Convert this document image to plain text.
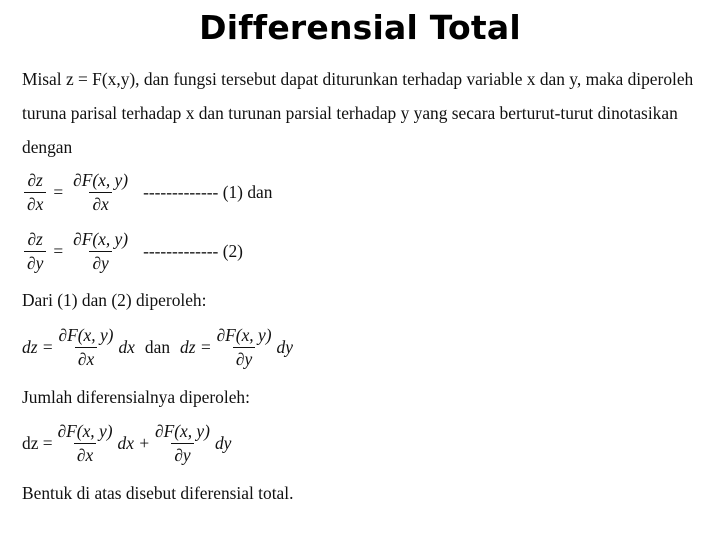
Differensial Total
Misal z = F(x,y), dan fungsi tersebut dapat diturunkan terhadap variable x dan y, maka diperoleh turuna parisal terhadap x dan turunan parsial terhadap y yang secara berturut-turut dinotasikan dengan
$\frac{\partial z}{\partial x} = \frac{\partial F(x, y)}{\partial x}$ ------------- (1) dan
$\frac{\partial z}{\partial y} = \frac{\partial F(x, y)}{\partial y}$ ------------- (2)
Dari (1) dan (2) diperoleh:
dz = $\frac{\partial F(x, y)}{\partial x}$ dx dan dz = $\frac{\partial F(x, y)}{\partial y}$ dy
Jumlah diferensialnya diperoleh:
dz = $\frac{\partial F(x, y)}{\partial x}$ dx + $\frac{\partial F(x, y)}{\partial y}$ dy
Bentuk di atas disebut diferensial total.
